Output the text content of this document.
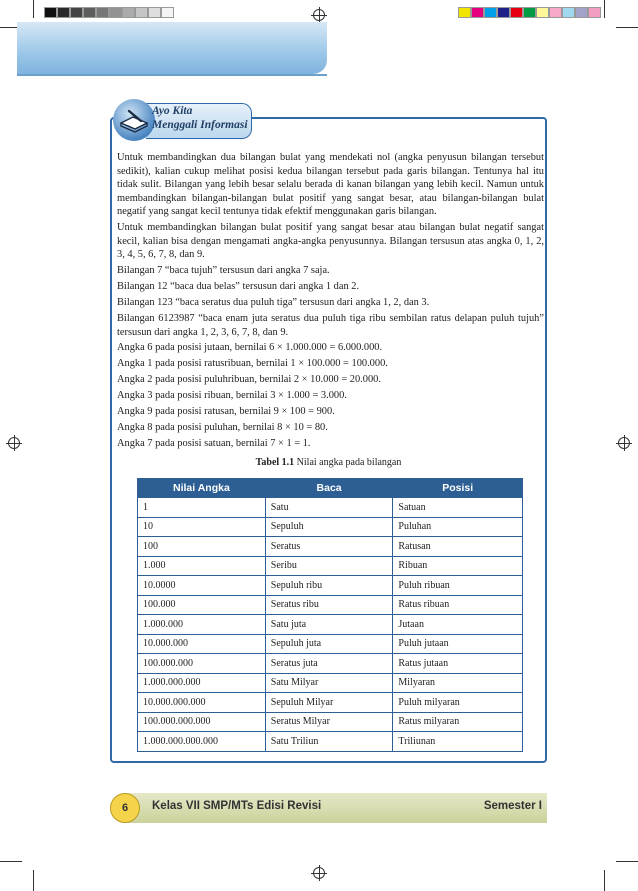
Ayo Kita
Menggali Informasi
Untuk membandingkan dua bilangan bulat yang mendekati nol (angka penyusun bilangan tersebut sedikit), kalian cukup melihat posisi kedua bilangan tersebut pada garis bilangan. Tentunya hal itu tidak sulit. Bilangan yang lebih besar selalu berada di kanan bilangan yang lebih kecil. Namun untuk membandingkan bilangan-bilangan bulat positif yang sangat besar, atau bilangan-bilangan bulat negatif yang sangat kecil tentunya tidak efektif menggunakan garis bilangan.
Untuk membandingkan bilangan bulat positif yang sangat besar atau bilangan bulat negatif sangat kecil, kalian bisa dengan mengamati angka-angka penyusunnya. Bilangan tersusun atas angka 0, 1, 2, 3, 4, 5, 6, 7, 8, dan 9.
Bilangan 7 “baca tujuh” tersusun dari angka 7 saja.
Bilangan 12 “baca dua belas” tersusun dari angka 1 dan 2.
Bilangan 123 “baca seratus dua puluh tiga” tersusun dari angka 1, 2, dan 3.
Bilangan 6123987 “baca enam juta seratus dua puluh tiga ribu sembilan ratus delapan puluh tujuh” tersusun dari angka 1, 2, 3, 6, 7, 8, dan 9.
Angka 6 pada posisi jutaan, bernilai 6 × 1.000.000 = 6.000.000.
Angka 1 pada posisi ratusribuan, bernilai 1 × 100.000 = 100.000.
Angka 2 pada posisi puluhribuan, bernilai 2 × 10.000 = 20.000.
Angka 3 pada posisi ribuan, bernilai 3 × 1.000 = 3.000.
Angka 9 pada posisi ratusan, bernilai 9 × 100 = 900.
Angka 8 pada posisi puluhan, bernilai 8 × 10 = 80.
Angka 7 pada posisi satuan, bernilai 7 × 1 = 1.
Tabel 1.1 Nilai angka pada bilangan
Nilai Angka	Baca	Posisi
1	Satu	Satuan
10	Sepuluh	Puluhan
100	Seratus	Ratusan
1.000	Seribu	Ribuan
10.0000	Sepuluh ribu	Puluh ribuan
100.000	Seratus ribu	Ratus ribuan
1.000.000	Satu juta	Jutaan
10.000.000	Sepuluh juta	Puluh jutaan
100.000.000	Seratus juta	Ratus jutaan
1.000.000.000	Satu Milyar	Milyaran
10.000.000.000	Sepuluh Milyar	Puluh milyaran
100.000.000.000	Seratus Milyar	Ratus milyaran
1.000.000.000.000	Satu Triliun	Triliunan
6	Kelas VII SMP/MTs Edisi Revisi	Semester I
